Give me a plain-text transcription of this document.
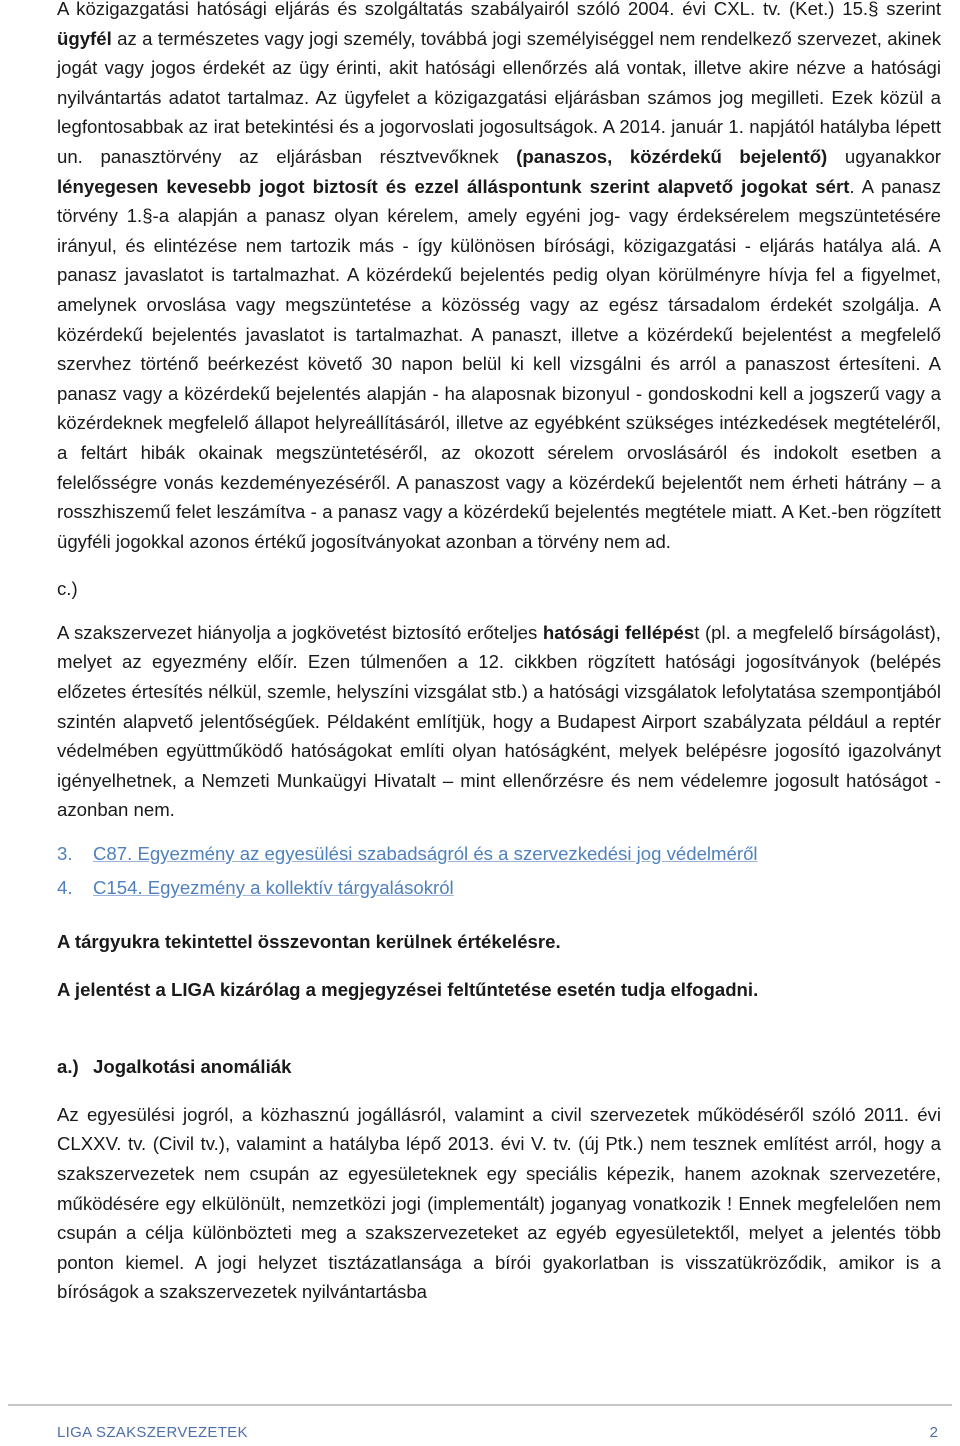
A közigazgatási hatósági eljárás és szolgáltatás szabályairól szóló 2004. évi CXL. tv. (Ket.) 15.§ szerint ügyfél az a természetes vagy jogi személy, továbbá jogi személyiséggel nem rendelkező szervezet, akinek jogát vagy jogos érdekét az ügy érinti, akit hatósági ellenőrzés alá vontak, illetve akire nézve a hatósági nyilvántartás adatot tartalmaz. Az ügyfelet a közigazgatási eljárásban számos jog megilleti. Ezek közül a legfontosabbak az irat betekintési és a jogorvoslati jogosultságok. A 2014. január 1. napjától hatályba lépett un. panasztörvény az eljárásban résztvevőknek (panaszos, közérdekű bejelentő) ugyanakkor lényegesen kevesebb jogot biztosít és ezzel álláspontunk szerint alapvető jogokat sért. A panasz törvény 1.§-a alapján a panasz olyan kérelem, amely egyéni jog- vagy érdeksérelem megszüntetésére irányul, és elintézése nem tartozik más - így különösen bírósági, közigazgatási - eljárás hatálya alá. A panasz javaslatot is tartalmazhat. A közérdekű bejelentés pedig olyan körülményre hívja fel a figyelmet, amelynek orvoslása vagy megszüntetése a közösség vagy az egész társadalom érdekét szolgálja. A közérdekű bejelentés javaslatot is tartalmazhat. A panaszt, illetve a közérdekű bejelentést a megfelelő szervhez történő beérkezést követő 30 napon belül ki kell vizsgálni és arról a panaszost értesíteni. A panasz vagy a közérdekű bejelentés alapján - ha alaposnak bizonyul - gondoskodni kell a jogszerű vagy a közérdeknek megfelelő állapot helyreállításáról, illetve az egyébként szükséges intézkedések megtételéről, a feltárt hibák okainak megszüntetéséről, az okozott sérelem orvoslásáról és indokolt esetben a felelősségre vonás kezdeményezéséről. A panaszost vagy a közérdekű bejelentőt nem érheti hátrány – a rosszhiszemű felet leszámítva - a panasz vagy a közérdekű bejelentés megtétele miatt. A Ket.-ben rögzített ügyféli jogokkal azonos értékű jogosítványokat azonban a törvény nem ad.

c.)

A szakszervezet hiányolja a jogkövetést biztosító erőteljes hatósági fellépést (pl. a megfelelő bírságolást), melyet az egyezmény előír. Ezen túlmenően a 12. cikkben rögzített hatósági jogosítványok (belépés előzetes értesítés nélkül, szemle, helyszíni vizsgálat stb.) a hatósági vizsgálatok lefolytatása szempontjából szintén alapvető jelentőségűek. Példaként említjük, hogy a Budapest Airport szabályzata például a reptér védelmében együttműködő hatóságokat említi olyan hatóságként, melyek belépésre jogosító igazolványt igényelhetnek, a Nemzeti Munkaügyi Hivatalt – mint ellenőrzésre és nem védelemre jogosult hatóságot - azonban nem.

3. C87. Egyezmény az egyesülési szabadságról és a szervezkedési jog védelméről
4. C154. Egyezmény a kollektív tárgyalásokról

A tárgyukra tekintettel összevontan kerülnek értékelésre.

A jelentést a LIGA kizárólag a megjegyzései feltűntetése esetén tudja elfogadni.

a.) Jogalkotási anomáliák

Az egyesülési jogról, a közhasznú jogállásról, valamint a civil szervezetek működéséről szóló 2011. évi CLXXV. tv. (Civil tv.), valamint a hatályba lépő 2013. évi V. tv. (új Ptk.) nem tesznek említést arról, hogy a szakszervezetek nem csupán az egyesületeknek egy speciális képezik, hanem azoknak szervezetére, működésére egy elkülönült, nemzetközi jogi (implementált) joganyag vonatkozik ! Ennek megfelelően nem csupán a célja különbözteti meg a szakszervezeteket az egyéb egyesületektől, melyet a jelentés több ponton kiemel. A jogi helyzet tisztázatlansága a bírói gyakorlatban is visszatükröződik, amikor is a bíróságok a szakszervezetek nyilvántartásba

LIGA SZAKSZERVEZETEK	2
